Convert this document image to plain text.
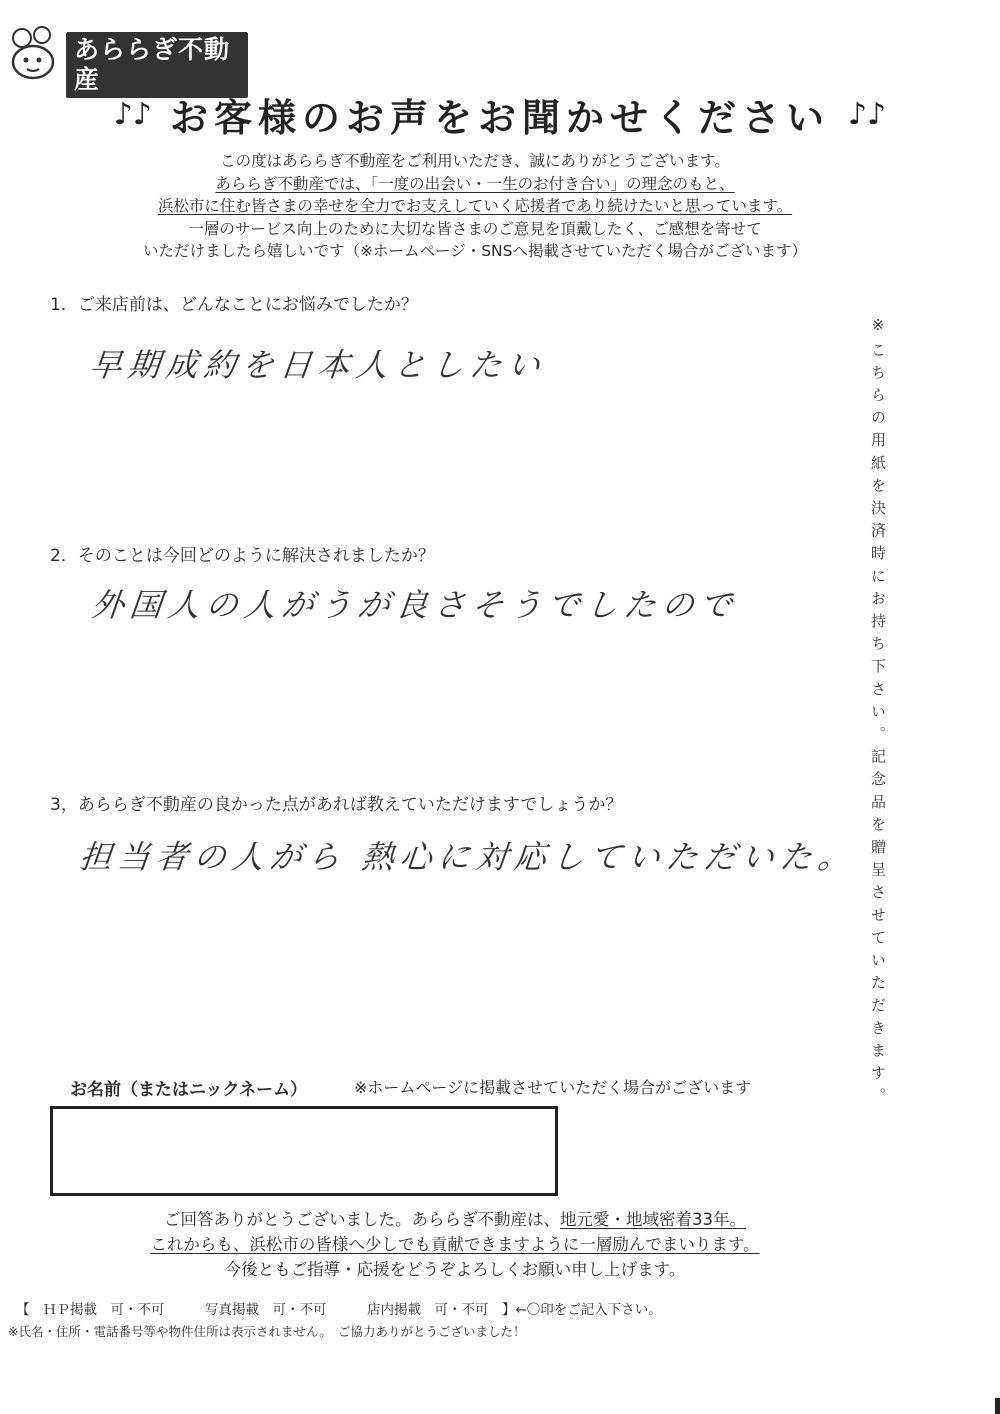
あららぎ不動産
♪♪ お客様のお声をお聞かせください ♪♪

この度はあららぎ不動産をご利用いただき、誠にありがとうございます。

あららぎ不動産では、「一度の出会い・一生のお付き合い」の理念のもと、

浜松市に住む皆さまの幸せを全力でお支えしていく応援者であり続けたいと思っています。

一層のサービス向上のために大切な皆さまのご意見を頂戴したく、ご感想を寄せて

いただけましたら嬉しいです（※ホームページ・SNSへ掲載させていただく場合がございます）

1．ご来店前は、どんなことにお悩みでしたか？
早期成約を日本人としたい
2．そのことは今回どのように解決されましたか？
外国人の人がうが良さそうでしたので
3，あららぎ不動産の良かった点があれば教えていただけますでしょうか？
担当者の人がら 熱心に対応していただいた。 ※こちらの用紙を決済時にお持ち下さい。記念品を贈呈させていただきます。
お名前（またはニックネーム）	※ホームページに掲載させていただく場合がございます

ご回答ありがとうございました。あららぎ不動産は、地元愛・地域密着33年。

これからも、浜松市の皆様へ少しでも貢献できますように一層励んでまいります。

今後ともご指導・応援をどうぞよろしくお願い申し上げます。

【　ＨＰ掲載　可・不可　　　写真掲載　可・不可　　　店内掲載　可・不可　】←〇印をご記入下さい。
※氏名・住所・電話番号等や物件住所は表示されません。　ご協力ありがとうございました！
